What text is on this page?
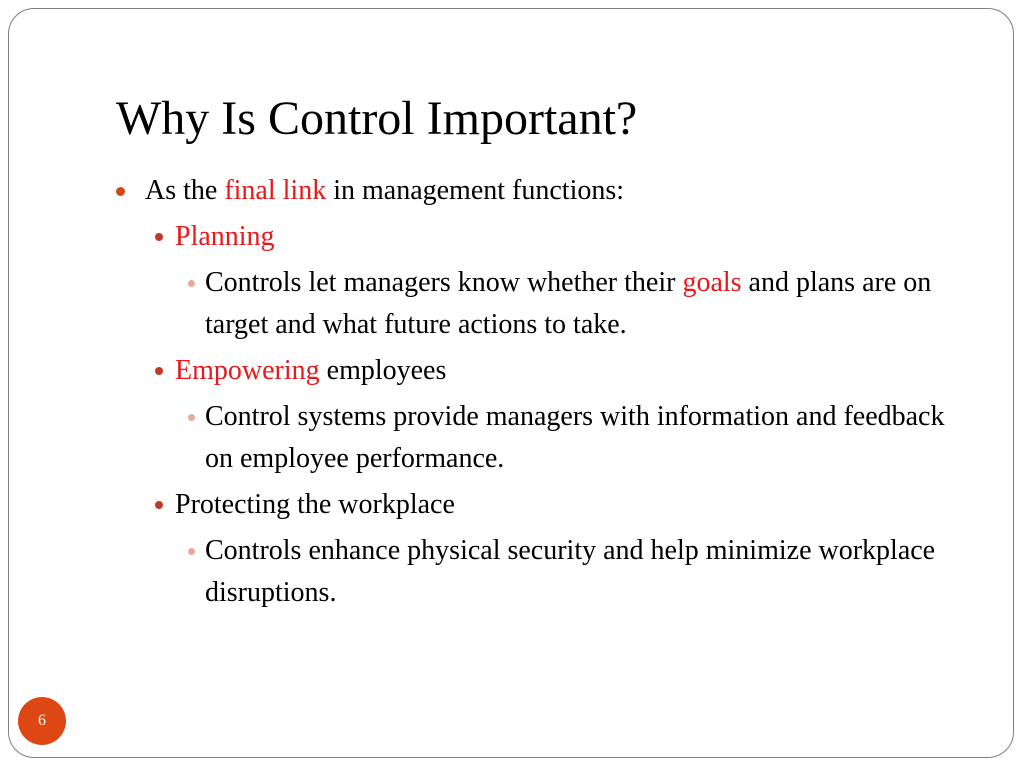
Why Is Control Important?
As the final link in management functions:
Planning
Controls let managers know whether their goals and plans are on target and what future actions to take.
Empowering employees
Control systems provide managers with information and feedback on employee performance.
Protecting the workplace
Controls enhance physical security and help minimize workplace disruptions.
6
